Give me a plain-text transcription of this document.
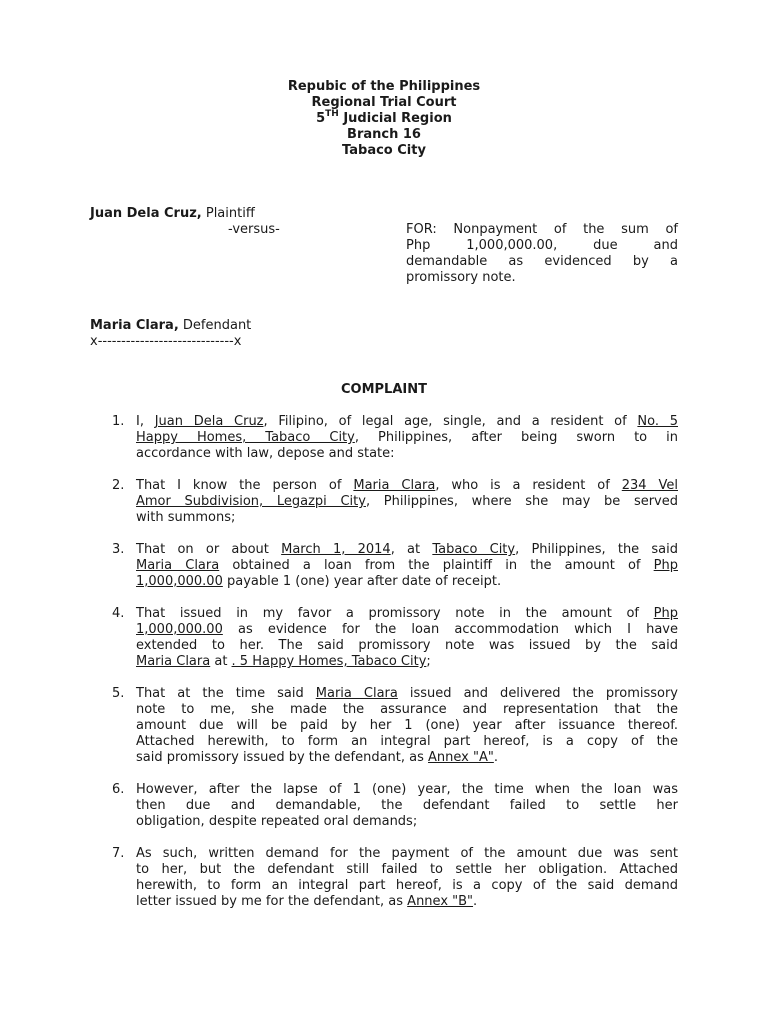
Repubic of the Philippines
Regional Trial Court
5TH Judicial Region
Branch 16
Tabaco City
Juan Dela Cruz, Plaintiff
-versus-	FOR: Nonpayment of the sum of
Php 1,000,000.00, due and
demandable as evidenced by a
promissory note.
Maria Clara, Defendant
x-----------------------------x
COMPLAINT
1. I, Juan Dela Cruz, Filipino, of legal age, single, and a resident of No. 5
Happy Homes, Tabaco City, Philippines, after being sworn to in
accordance with law, depose and state:
2. That I know the person of Maria Clara, who is a resident of 234 Vel
Amor Subdivision, Legazpi City, Philippines, where she may be served
with summons;
3. That on or about March 1, 2014, at Tabaco City, Philippines, the said
Maria Clara obtained a loan from the plaintiff in the amount of Php
1,000,000.00 payable 1 (one) year after date of receipt.
4. That issued in my favor a promissory note in the amount of Php
1,000,000.00 as evidence for the loan accommodation which I have
extended to her. The said promissory note was issued by the said
Maria Clara at . 5 Happy Homes, Tabaco City;
5. That at the time said Maria Clara issued and delivered the promissory
note to me, she made the assurance and representation that the
amount due will be paid by her 1 (one) year after issuance thereof.
Attached herewith, to form an integral part hereof, is a copy of the
said promissory issued by the defendant, as Annex "A".
6. However, after the lapse of 1 (one) year, the time when the loan was
then due and demandable, the defendant failed to settle her
obligation, despite repeated oral demands;
7. As such, written demand for the payment of the amount due was sent
to her, but the defendant still failed to settle her obligation. Attached
herewith, to form an integral part hereof, is a copy of the said demand
letter issued by me for the defendant, as Annex "B".
